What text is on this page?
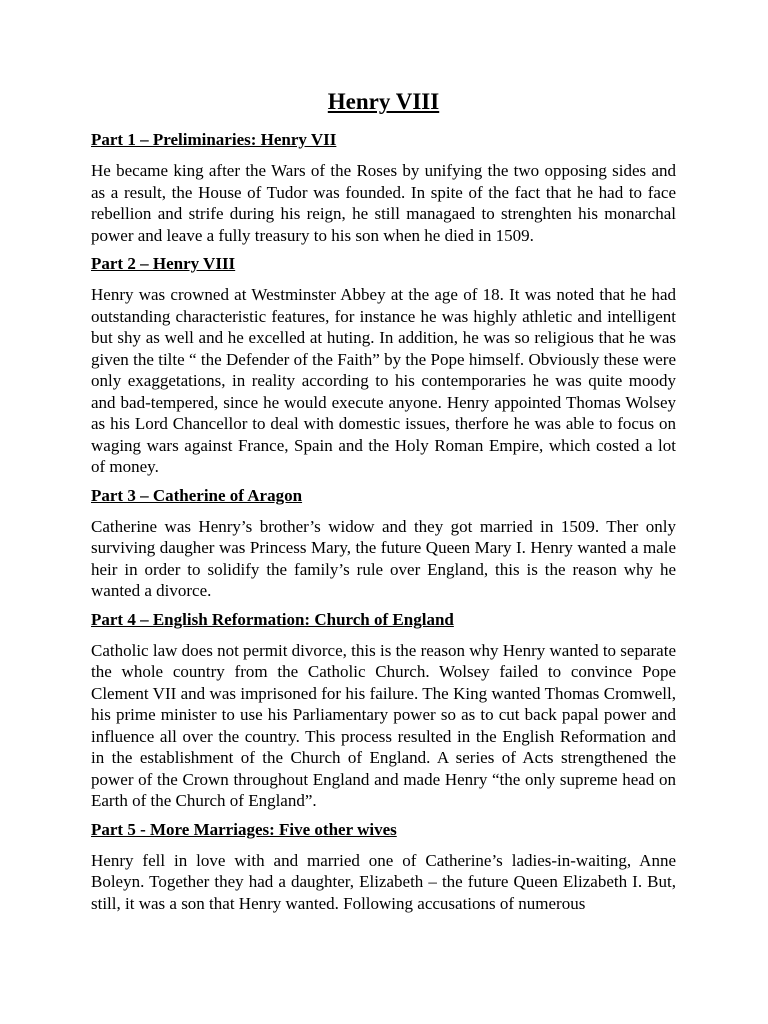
Henry VIII
Part 1 – Preliminaries: Henry VII

He became king after the Wars of the Roses by unifying the two opposing sides and as a result, the House of Tudor was founded. In spite of the fact that he had to face rebellion and strife during his reign, he still managaed to strenghten his monarchal power and leave a fully treasury to his son when he died in 1509.

Part 2 – Henry VIII

Henry was crowned at Westminster Abbey at the age of 18. It was noted that he had outstanding characteristic features, for instance he was highly athletic and intelligent but shy as well and he excelled at huting. In addition, he was so religious that he was given the tilte “ the Defender of the Faith” by the Pope himself. Obviously these were only exaggetations, in reality according to his contemporaries he was quite moody and bad-tempered, since he would execute anyone. Henry appointed Thomas Wolsey as his Lord Chancellor to deal with domestic issues, therfore he was able to focus on waging wars against France, Spain and the Holy Roman Empire, which costed a lot of money.

Part 3 – Catherine of Aragon

Catherine was Henry’s brother’s widow and they got married in 1509. Ther only surviving daugher was Princess Mary, the future Queen Mary I. Henry wanted a male heir in order to solidify the family’s rule over England, this is the reason why he wanted a divorce.

Part 4 – English Reformation: Church of England

Catholic law does not permit divorce, this is the reason why Henry wanted to separate the whole country from the Catholic Church. Wolsey failed to convince Pope Clement VII and was imprisoned for his failure. The King wanted Thomas Cromwell, his prime minister to use his Parliamentary power so as to cut back papal power and influence all over the country. This process resulted in the English Reformation and in the establishment of the Church of England. A series of Acts strengthened the power of the Crown throughout England and made Henry “the only supreme head on Earth of the Church of England”.

Part 5 - More Marriages: Five other wives

Henry fell in love with and married one of Catherine’s ladies-in-waiting, Anne Boleyn. Together they had a daughter, Elizabeth – the future Queen Elizabeth I. But, still, it was a son that Henry wanted. Following accusations of numerous
